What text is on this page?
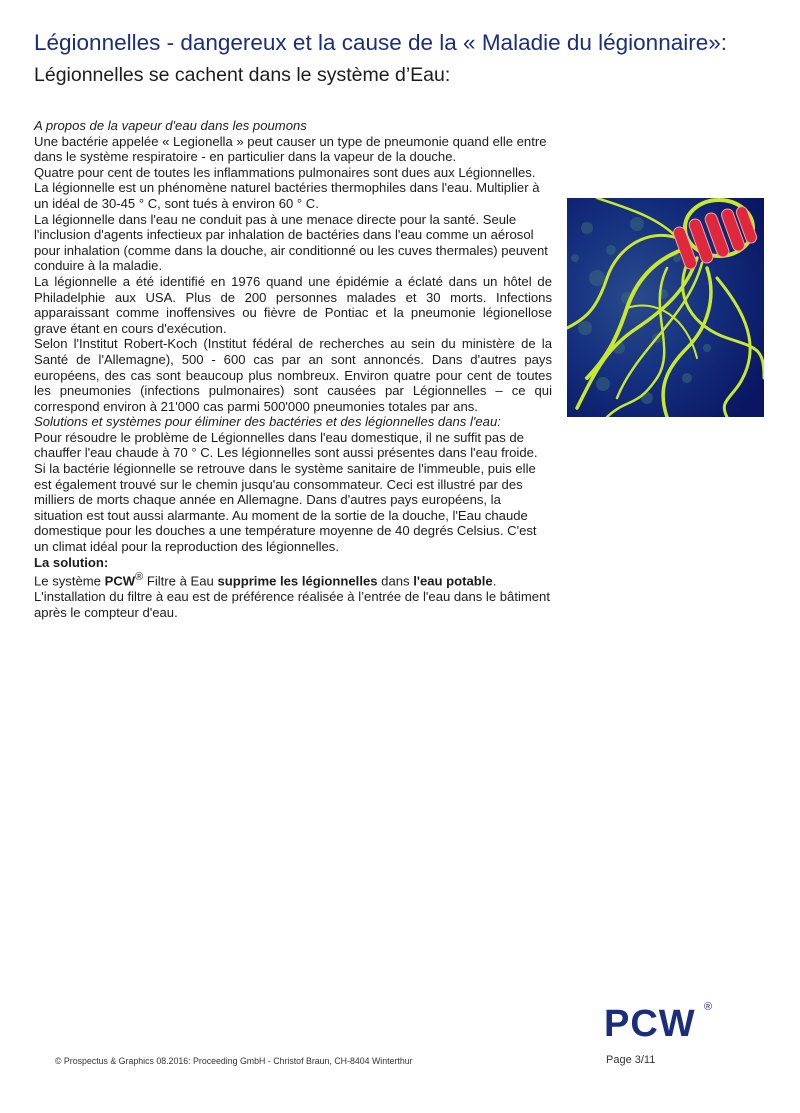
Légionnelles - dangereux et la cause de la « Maladie du légionnaire»:
Légionnelles se cachent dans le système d’Eau:

A propos de la vapeur d'eau dans les poumons

Une bactérie appelée « Legionella » peut causer un type de pneumonie quand elle entre dans le système respiratoire - en particulier dans la vapeur de la douche.

Quatre pour cent de toutes les inflammations pulmonaires sont dues aux Légionnelles. La légionnelle est un phénomène naturel bactéries thermophiles dans l'eau. Multiplier à un idéal de 30-45 ° C, sont tués à environ 60 ° C.

La légionnelle dans l'eau ne conduit pas à une menace directe pour la santé. Seule l'inclusion d'agents infectieux par inhalation de bactéries dans l'eau comme un aérosol pour inhalation (comme dans la douche, air conditionné ou les cuves thermales) peuvent conduire à la maladie.

La légionnelle a été identifié en 1976 quand une épidémie a éclaté dans un hôtel de Philadelphie aux USA. Plus de 200 personnes malades et 30 morts. Infections apparaissant comme inoffensives ou fièvre de Pontiac et la pneumonie légionellose grave étant en cours d'exécution.

Selon l'Institut Robert-Koch (Institut fédéral de recherches au sein du ministère de la Santé de l'Allemagne), 500 - 600 cas par an sont annoncés. Dans d'autres pays européens, des cas sont beaucoup plus nombreux. Environ quatre pour cent de toutes les pneumonies (infections pulmonaires) sont causées par Légionnelles – ce qui correspond environ à 21'000 cas parmi 500'000 pneumonies totales par ans.

Solutions et systèmes pour éliminer des bactéries et des légionnelles dans l'eau:

Pour résoudre le problème de Légionnelles dans l'eau domestique, il ne suffit pas de chauffer l'eau chaude à 70 ° C. Les légionnelles sont aussi présentes dans l'eau froide. Si la bactérie légionnelle se retrouve dans le système sanitaire de l'immeuble, puis elle est également trouvé sur le chemin jusqu'au consommateur. Ceci est illustré par des milliers de morts chaque année en Allemagne. Dans d'autres pays européens, la situation est tout aussi alarmante. Au moment de la sortie de la douche, l'Eau chaude domestique pour les douches a une température moyenne de 40 degrés Celsius. C'est un climat idéal pour la reproduction des légionnelles.

La solution:

Le système PCW® Filtre à Eau supprime les légionnelles dans l'eau potable.

L'installation du filtre à eau est de préférence réalisée à l’entrée de l'eau dans le bâtiment après le compteur d'eau.

PCW ®
© Prospectus & Graphics 08.2016: Proceeding GmbH - Christof Braun, CH-8404 Winterthur	Page 3/11
